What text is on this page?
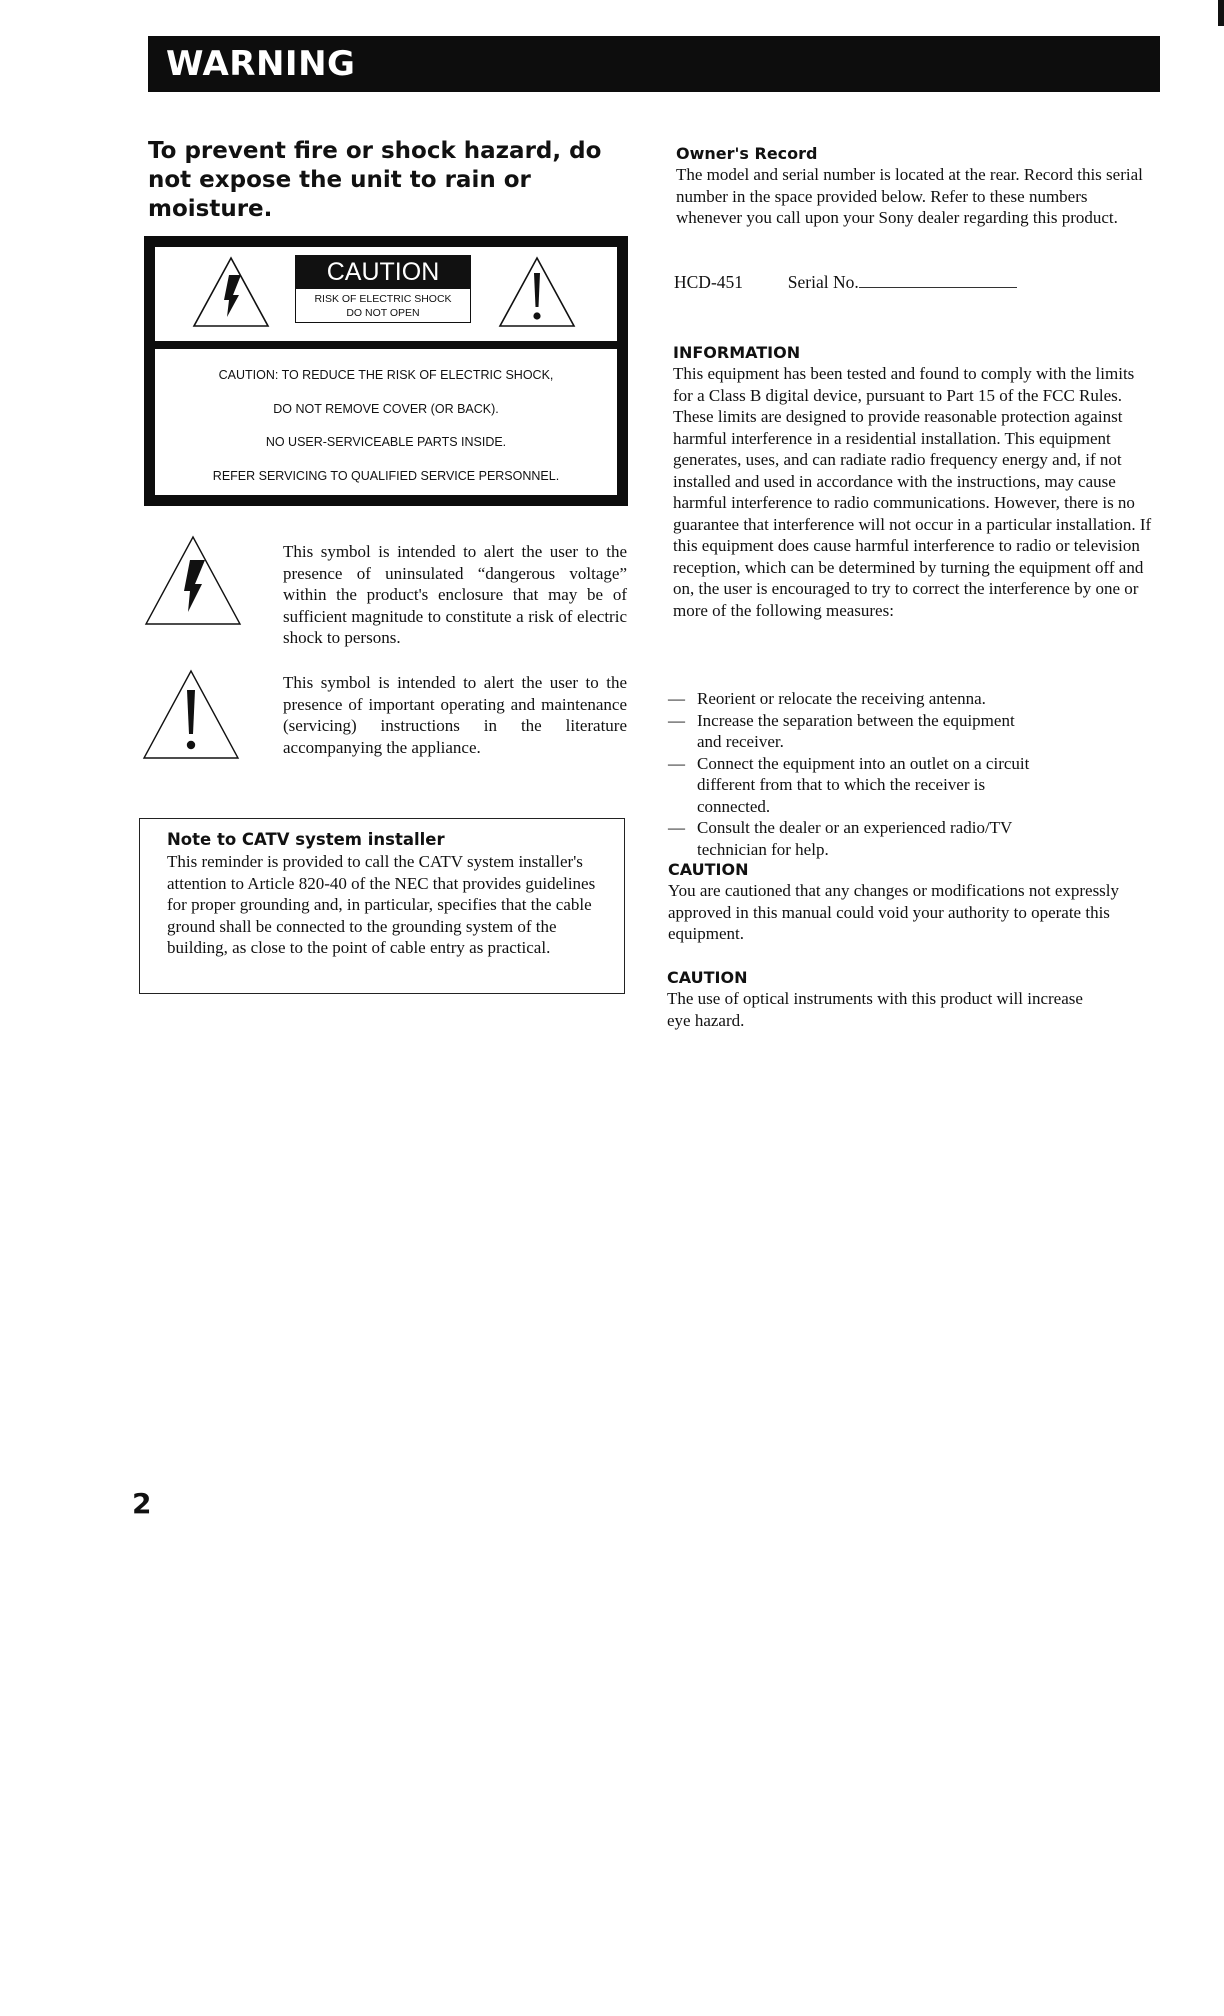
WARNING
To prevent fire or shock hazard, do not expose the unit to rain or moisture.
CAUTION
RISK OF ELECTRIC SHOCK
DO NOT OPEN
CAUTION: TO REDUCE THE RISK OF ELECTRIC SHOCK,
DO NOT REMOVE COVER (OR BACK).
NO USER-SERVICEABLE PARTS INSIDE.
REFER SERVICING TO QUALIFIED SERVICE PERSONNEL.
This symbol is intended to alert the user to the presence of uninsulated “dangerous voltage” within the product's enclosure that may be of sufficient magnitude to constitute a risk of electric shock to persons.
This symbol is intended to alert the user to the presence of important operating and maintenance (servicing) instructions in the literature accompanying the appliance.
Note to CATV system installer
This reminder is provided to call the CATV system installer's attention to Article 820-40 of the NEC that provides guidelines for proper grounding and, in particular, specifies that the cable ground shall be connected to the grounding system of the building, as close to the point of cable entry as practical.
Owner's Record
The model and serial number is located at the rear. Record this serial number in the space provided below. Refer to these numbers whenever you call upon your Sony dealer regarding this product.
HCD-451	Serial No.
INFORMATION
This equipment has been tested and found to comply with the limits for a Class B digital device, pursuant to Part 15 of the FCC Rules. These limits are designed to provide reasonable protection against harmful interference in a residential installation. This equipment generates, uses, and can radiate radio frequency energy and, if not installed and used in accordance with the instructions, may cause harmful interference to radio communications. However, there is no guarantee that interference will not occur in a particular installation. If this equipment does cause harmful interference to radio or television reception, which can be determined by turning the equipment off and on, the user is encouraged to try to correct the interference by one or more of the following measures:
— Reorient or relocate the receiving antenna.
— Increase the separation between the equipment and receiver.
— Connect the equipment into an outlet on a circuit different from that to which the receiver is connected.
— Consult the dealer or an experienced radio/TV technician for help.
CAUTION
You are cautioned that any changes or modifications not expressly approved in this manual could void your authority to operate this equipment.
CAUTION
The use of optical instruments with this product will increase eye hazard.
2
